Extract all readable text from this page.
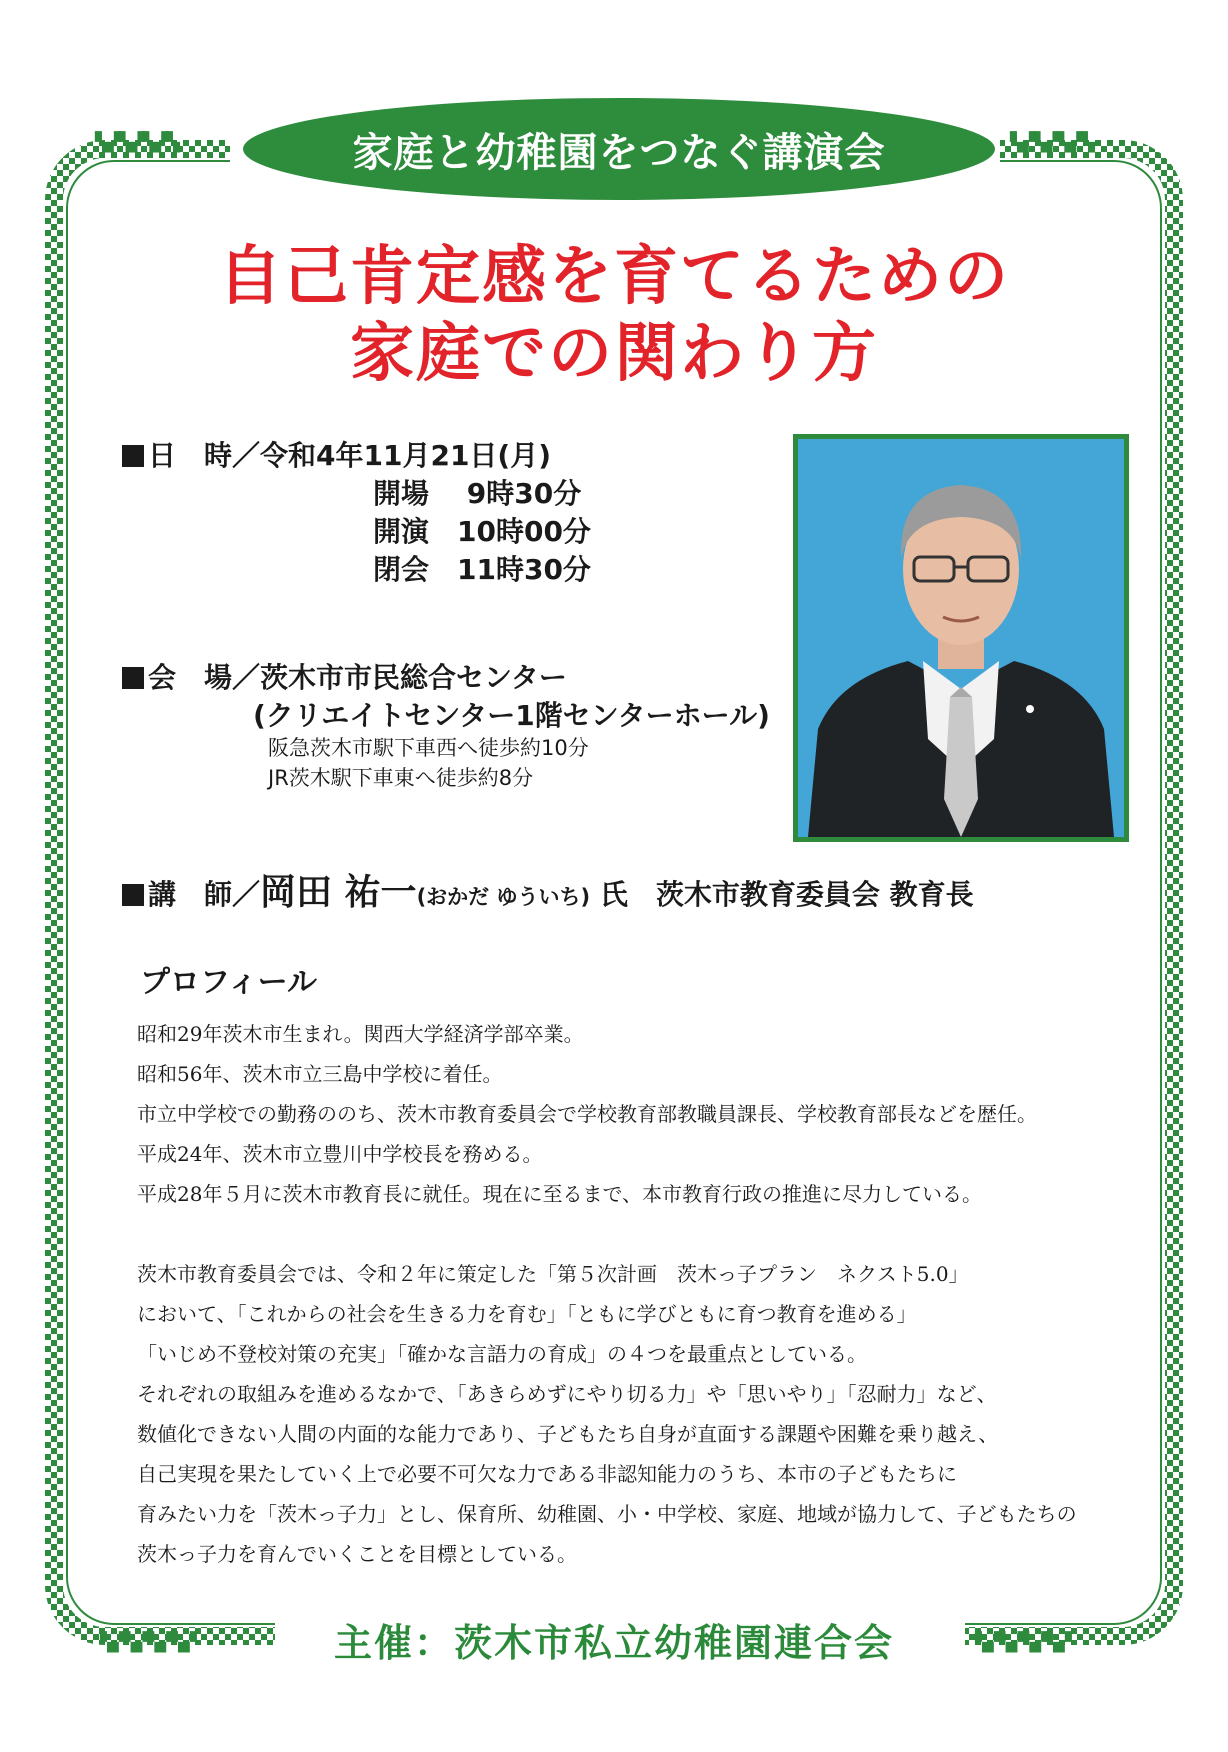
▚▞▚▞▚▞▚	▚▞▚▞▚▞▚
▚▞▚▞▚▞▚▞	▚▞▚▞▚▞▚▞
家庭と幼稚園をつなぐ講演会
自己肯定感を育てるための
家庭での関わり方
日　時／令和4年11月21日(月)
開場　 9時30分
開演　10時00分
閉会　11時30分
会　場／茨木市市民総合センター
(クリエイトセンター1階センターホール)
阪急茨木市駅下車西へ徒歩約10分
JR茨木駅下車東へ徒歩約8分
講　師／岡田 祐一(おかだ ゆういち) 氏　 茨木市教育委員会 教育長
プロフィール

昭和29年茨木市生まれ。関西大学経済学部卒業。

昭和56年、茨木市立三島中学校に着任。

市立中学校での勤務ののち、茨木市教育委員会で学校教育部教職員課長、学校教育部長などを歴任。

平成24年、茨木市立豊川中学校長を務める。

平成28年５月に茨木市教育長に就任。現在に至るまで、本市教育行政の推進に尽力している。

茨木市教育委員会では、令和２年に策定した「第５次計画　茨木っ子プラン　ネクスト5.0」

において、「これからの社会を生きる力を育む」「ともに学びともに育つ教育を進める」

「いじめ不登校対策の充実」「確かな言語力の育成」の４つを最重点としている。

それぞれの取組みを進めるなかで、「あきらめずにやり切る力」や「思いやり」「忍耐力」など、

数値化できない人間の内面的な能力であり、子どもたち自身が直面する課題や困難を乗り越え、

自己実現を果たしていく上で必要不可欠な力である非認知能力のうち、本市の子どもたちに

育みたい力を「茨木っ子力」とし、保育所、幼稚園、小・中学校、家庭、地域が協力して、子どもたちの

茨木っ子力を育んでいくことを目標としている。

主催：茨木市私立幼稚園連合会
